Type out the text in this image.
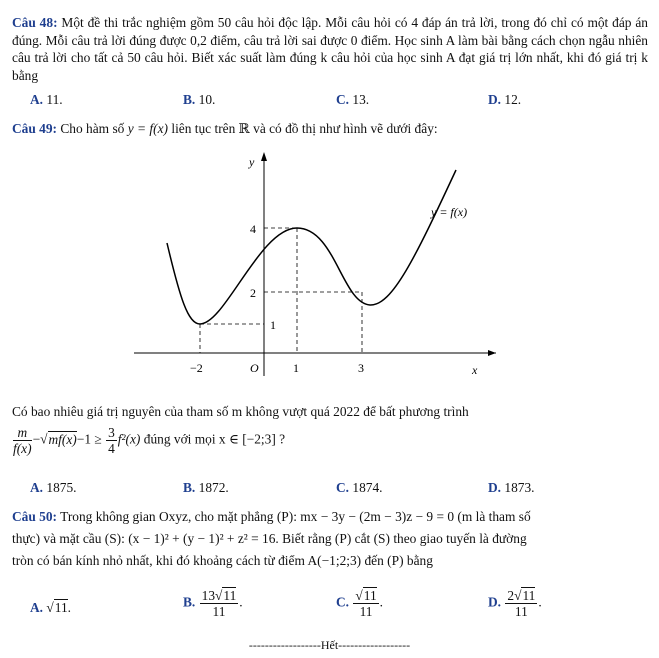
Câu 48: Một đề thi trắc nghiệm gồm 50 câu hỏi độc lập. Mỗi câu hỏi có 4 đáp án trả lời, trong đó chỉ có một đáp án đúng. Mỗi câu trả lời đúng được 0,2 điểm, câu trả lời sai được 0 điểm. Học sinh A làm bài bằng cách chọn ngẫu nhiên câu trả lời cho tất cả 50 câu hỏi. Biết xác suất làm đúng k câu hỏi của học sinh A đạt giá trị lớn nhất, khi đó giá trị k bằng
A. 11.	B. 10.	C. 13.	D. 12.
Câu 49: Cho hàm số y = f(x) liên tục trên ℝ và có đồ thị như hình vẽ dưới đây:
y
x
O
y = f(x)
−2	1	3
4
2
1
Có bao nhiêu giá trị nguyên của tham số m không vượt quá 2022 để bất phương trình
$\frac{m}{f(x)} -√mf(x)-1 \ge \frac{3}{4} f^2(x)$ đúng với mọi x ∈ [−2;3] ?
A. 1875.	B. 1872.	C. 1874.	D. 1873.
Câu 50: Trong không gian Oxyz, cho mặt phẳng (P): mx − 3y − (2m − 3)z − 9 = 0 (m là tham số
thực) và mặt cầu (S): (x − 1)² + (y − 1)² + z² = 16. Biết rằng (P) cắt (S) theo giao tuyến là đường
tròn có bán kính nhỏ nhất, khi đó khoảng cách từ điểm A(−1;2;3) đến (P) bằng
A. √11.	B. $\frac{13√11}{11}$ .	C. $\frac{√11}{11}$ .	D. $\frac{2√11}{11}$ .
------------------Hết------------------
